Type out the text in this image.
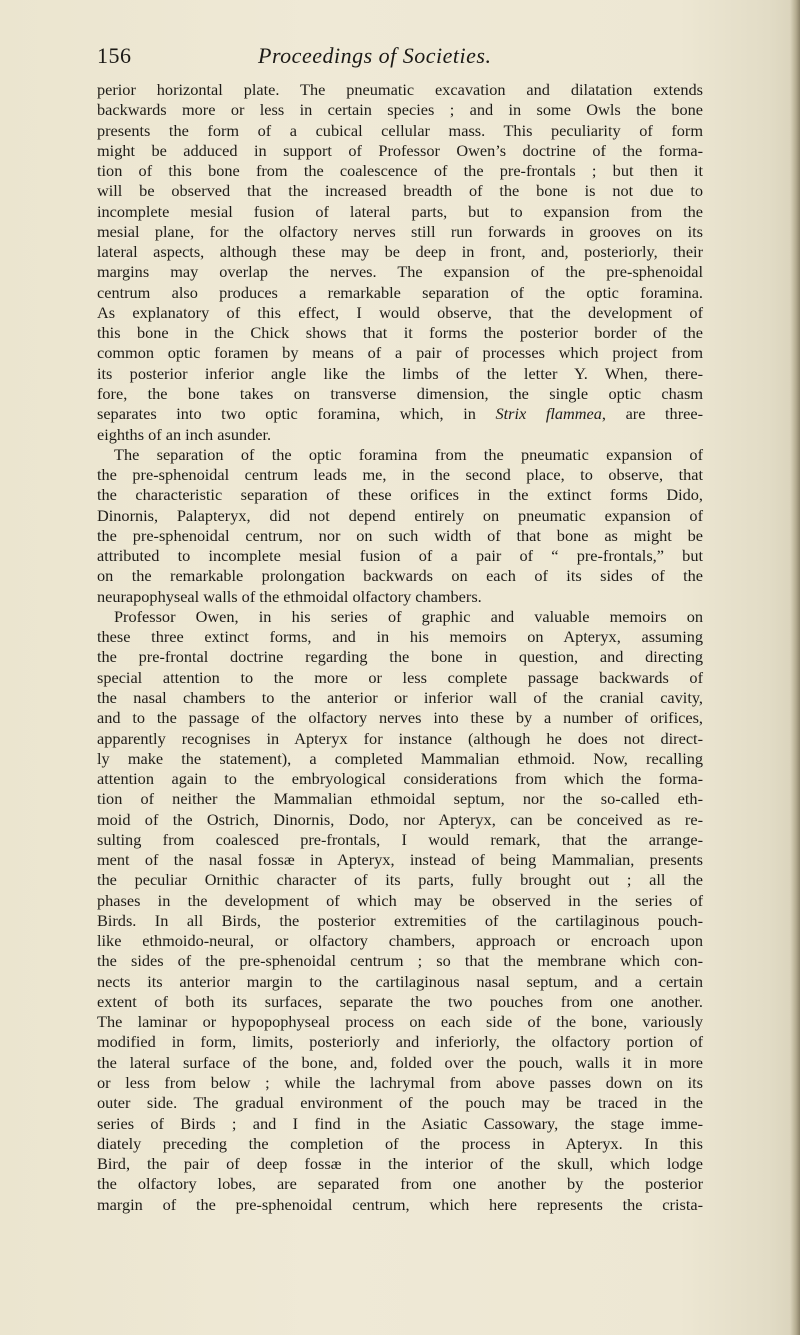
156	Proceedings of Societies.
perior horizontal plate. The pneumatic excavation and dilatation extends
backwards more or less in certain species ; and in some Owls the bone
presents the form of a cubical cellular mass. This peculiarity of form
might be adduced in support of Professor Owen’s doctrine of the forma-
tion of this bone from the coalescence of the pre-frontals ; but then it
will be observed that the increased breadth of the bone is not due to
incomplete mesial fusion of lateral parts, but to expansion from the
mesial plane, for the olfactory nerves still run forwards in grooves on its
lateral aspects, although these may be deep in front, and, posteriorly, their
margins may overlap the nerves. The expansion of the pre-sphenoidal
centrum also produces a remarkable separation of the optic foramina.
As explanatory of this effect, I would observe, that the development of
this bone in the Chick shows that it forms the posterior border of the
common optic foramen by means of a pair of processes which project from
its posterior inferior angle like the limbs of the letter Y. When, there-
fore, the bone takes on transverse dimension, the single optic chasm
separates into two optic foramina, which, in Strix flammea, are three-
eighths of an inch asunder.
The separation of the optic foramina from the pneumatic expansion of
the pre-sphenoidal centrum leads me, in the second place, to observe, that
the characteristic separation of these orifices in the extinct forms Dido,
Dinornis, Palapteryx, did not depend entirely on pneumatic expansion of
the pre-sphenoidal centrum, nor on such width of that bone as might be
attributed to incomplete mesial fusion of a pair of “ pre-frontals,” but
on the remarkable prolongation backwards on each of its sides of the
neurapophyseal walls of the ethmoidal olfactory chambers.
Professor Owen, in his series of graphic and valuable memoirs on
these three extinct forms, and in his memoirs on Apteryx, assuming
the pre-frontal doctrine regarding the bone in question, and directing
special attention to the more or less complete passage backwards of
the nasal chambers to the anterior or inferior wall of the cranial cavity,
and to the passage of the olfactory nerves into these by a number of orifices,
apparently recognises in Apteryx for instance (although he does not direct-
ly make the statement), a completed Mammalian ethmoid. Now, recalling
attention again to the embryological considerations from which the forma-
tion of neither the Mammalian ethmoidal septum, nor the so-called eth-
moid of the Ostrich, Dinornis, Dodo, nor Apteryx, can be conceived as re-
sulting from coalesced pre-frontals, I would remark, that the arrange-
ment of the nasal fossæ in Apteryx, instead of being Mammalian, presents
the peculiar Ornithic character of its parts, fully brought out ; all the
phases in the development of which may be observed in the series of
Birds. In all Birds, the posterior extremities of the cartilaginous pouch-
like ethmoido-neural, or olfactory chambers, approach or encroach upon
the sides of the pre-sphenoidal centrum ; so that the membrane which con-
nects its anterior margin to the cartilaginous nasal septum, and a certain
extent of both its surfaces, separate the two pouches from one another.
The laminar or hypopophyseal process on each side of the bone, variously
modified in form, limits, posteriorly and inferiorly, the olfactory portion of
the lateral surface of the bone, and, folded over the pouch, walls it in more
or less from below ; while the lachrymal from above passes down on its
outer side. The gradual environment of the pouch may be traced in the
series of Birds ; and I find in the Asiatic Cassowary, the stage imme-
diately preceding the completion of the process in Apteryx. In this
Bird, the pair of deep fossæ in the interior of the skull, which lodge
the olfactory lobes, are separated from one another by the posterior
margin of the pre-sphenoidal centrum, which here represents the crista-
